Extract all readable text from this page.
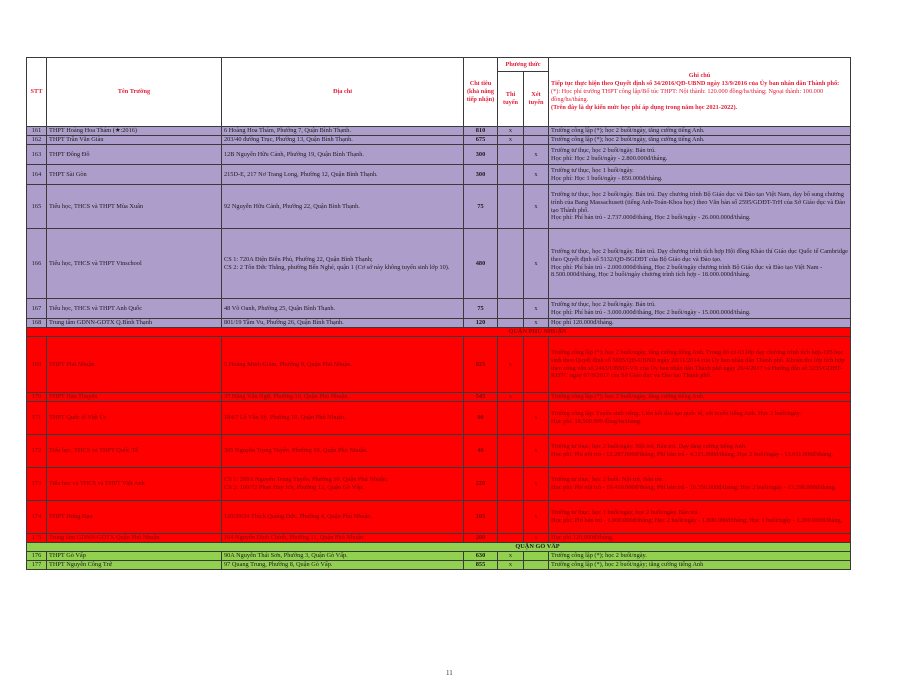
STT	Tên Trường	Địa chỉ	Chỉ tiêu (khả năng tiếp nhận)	Phương thức		Ghi chú
Tiếp tục thực hiện theo Quyết định số 34/2016/QĐ-UBND ngày 13/9/2016 của Ủy ban nhân dân Thành phố:
(*): Học phí trường THPT công lập/Bổ túc THPT: Nội thành: 120.000 đồng/hs/tháng; Ngoại thành: 100.000 đồng/hs/tháng.
(Trên đây là dự kiến mức học phí áp dụng trong năm học 2021-2022).
				Thi tuyển	Xét tuyển	
161	THPT Hoàng Hoa Thám (★:2016)	6 Hoàng Hoa Thám, Phường 7, Quận Bình Thạnh.	810	x		Trường công lập (*); học 2 buổi/ngày, tăng cường tiếng Anh.
162	THPT Trần Văn Giàu	203/40 đường Trục, Phường 13, Quận Bình Thạnh.	675	x		Trường công lập (*); học 2 buổi/ngày, tăng cường tiếng Anh.
163	THPT Đông Đô	12B Nguyễn Hữu Cảnh, Phường 19, Quận Bình Thạnh.	300		x	Trường tư thục, học 2 buổi/ngày. Bán trú.
Học phí: Học 2 buổi/ngày - 2.800.000đ/tháng.
164	THPT Sài Gòn	215D-E, 217 Nơ Trang Long, Phường 12, Quận Bình Thạnh.	300		x	Trường tư thục, học 1 buổi/ngày.
Học phí: Học 1 buổi/ngày - 850.000đ/tháng.
165	Tiểu học, THCS và THPT Mùa Xuân	92 Nguyễn Hữu Cảnh, Phường 22, Quận Bình Thạnh.	75		x	Trường tư thục, học 2 buổi/ngày. Bán trú. Dạy chương trình Bộ Giáo dục và Đào tạo Việt Nam, dạy bổ sung chương trình của Bang Massachusett (tiếng Anh-Toán-Khoa học) theo Văn bản số 2595/GDĐT-TrH của Sở Giáo dục và Đào tạo Thành phố.
Học phí: Phí bán trú - 2.737.000đ/tháng, Học 2 buổi/ngày - 26.000.000đ/tháng.
166	Tiểu học, THCS và THPT Vinschool	CS 1: 720A Điện Biên Phủ, Phường 22, Quận Bình Thạnh;
CS 2: 2 Tôn Đức Thắng, phường Bến Nghé, quận 1 (Cơ sở này không tuyển sinh lớp 10).	480		x	Trường tư thục, học 2 buổi/ngày. Bán trú. Dạy chương trình tích hợp Hội đồng Khảo thí Giáo dục Quốc tế Cambridge theo Quyết định số 5132/QĐ-BGDĐT của Bộ Giáo dục và Đào tạo.
Học phí: Phí bán trú - 2.000.000đ/tháng, Học 2 buổi/ngày chương trình Bộ Giáo dục và Đào tạo Việt Nam - 8.500.000đ/tháng, Học 2 buổi/ngày chương trình tích hợp - 18.000.000đ/tháng.
167	Tiểu học, THCS và THPT Anh Quốc	48 Võ Oanh, Phường 25, Quận Bình Thạnh.	75		x	Trường tư thục, học 2 buổi/ngày. Bán trú.
Học phí: Phí bán trú - 3.000.000đ/tháng, Học 2 buổi/ngày - 15.000.000đ/tháng.
168	Trung tâm GDNN-GDTX Q.Bình Thạnh	801/19 Tầm Vu, Phường 26, Quận Bình Thạnh.	120		x	Học phí 120.000đ/tháng.
QUẬN PHÚ NHUẬN						
169	THPT Phú Nhuận	5 Hoàng Minh Giám, Phường 9, Quận Phú Nhuận.	825	x		Trường công lập (*); học 2 buổi/ngày, tăng cường tiếng Anh. Trong đó có 03 lớp dạy chương trình tích hợp-105 học sinh theo Quyết định số 5695/QĐ-UBND ngày 20/11/2014 của Ủy ban nhân dân Thành phố. Khoản thu lớp tích hợp theo công văn số 2463/UBND-VX của Ủy ban nhân dân Thành phố ngày 26/4/2017 và Hướng dẫn số 3235/GDĐT-KHTC ngày 07/9/2017 của Sở Giáo dục và Đào tạo Thành phố.
170	THPT Hàn Thuyên	37 Đặng Văn Ngữ, Phường 10, Quận Phú Nhuận.	545	x		Trường công lập (*); học 2 buổi/ngày, tăng cường tiếng Anh.
171	THPT Quốc tế Việt Úc	184/7 Lê Văn Sỹ, Phường 10, Quận Phú Nhuận.	90		x	Trường công lập. Tuyển sinh riêng. Liên kết đào tạo quốc tế, xét tuyển tiếng Anh. Học 2 buổi/ngày.
Học phí: 18.500.000 đồng/hs/tháng.
172	Tiểu học, THCS và THPT Quốc Tế	305 Nguyễn Trọng Tuyển, Phường 10, Quận Phú Nhuận.	40		x	Trường tư thục, học 2 buổi/ngày. Nội trú, Bán trú. Dạy tăng cường tiếng Anh.
Học phí: Phí nội trú - 12.287.000đ/tháng; Phí bán trú - 4.321.000đ/tháng; Học 2 buổi/ngày - 13.011.000đ/tháng.
173	Tiểu học và THCS và THPT Việt Anh	CS 1: 269A Nguyễn Trọng Tuyển, Phường 10, Quận Phú Nhuận;
CS 2: 160/72 Phan Huy Ích, Phường 12, Quận Gò Vấp.	220		x	Trường tư thục, học 2 buổi. Nội trú, Bán trú.
Học phí: Phí nội trú - 19.410.000đ/tháng; Phí bán trú - 16.356.000đ/tháng; Học 2 buổi/ngày - 13.298.000đ/tháng.
174	THPT Hưng Đạo	120/29/24 Thích Quảng Đức, Phường 4, Quận Phú Nhuận.	105		x	Trường tư thục, học 1 buổi/ngày, học 2 buổi/ngày. Bán trú.
Học phí: Phí bán trú - 1.000.000đ/tháng; Học 2 buổi/ngày - 1.800.000đ/tháng; Học 1 buổi/ngày - 1.200.000đ/tháng.
175	Trung tâm GDNN-GDTX Quận Phú Nhuận	164 Nguyễn Đình Chính, Phường 11, Quận Phú Nhuận.	200		x	Học phí 120.000đ/tháng.
QUẬN GÒ VẤP						
176	THPT Gò Vấp	90A Nguyễn Thái Sơn, Phường 3, Quận Gò Vấp.	630	x		Trường công lập (*); học 2 buổi/ngày.
177	THPT Nguyễn Công Trứ	97 Quang Trung, Phường 8, Quận Gò Vấp.	855	x		Trường công lập (*), học 2 buổi/ngày; tăng cường tiếng Anh
11
